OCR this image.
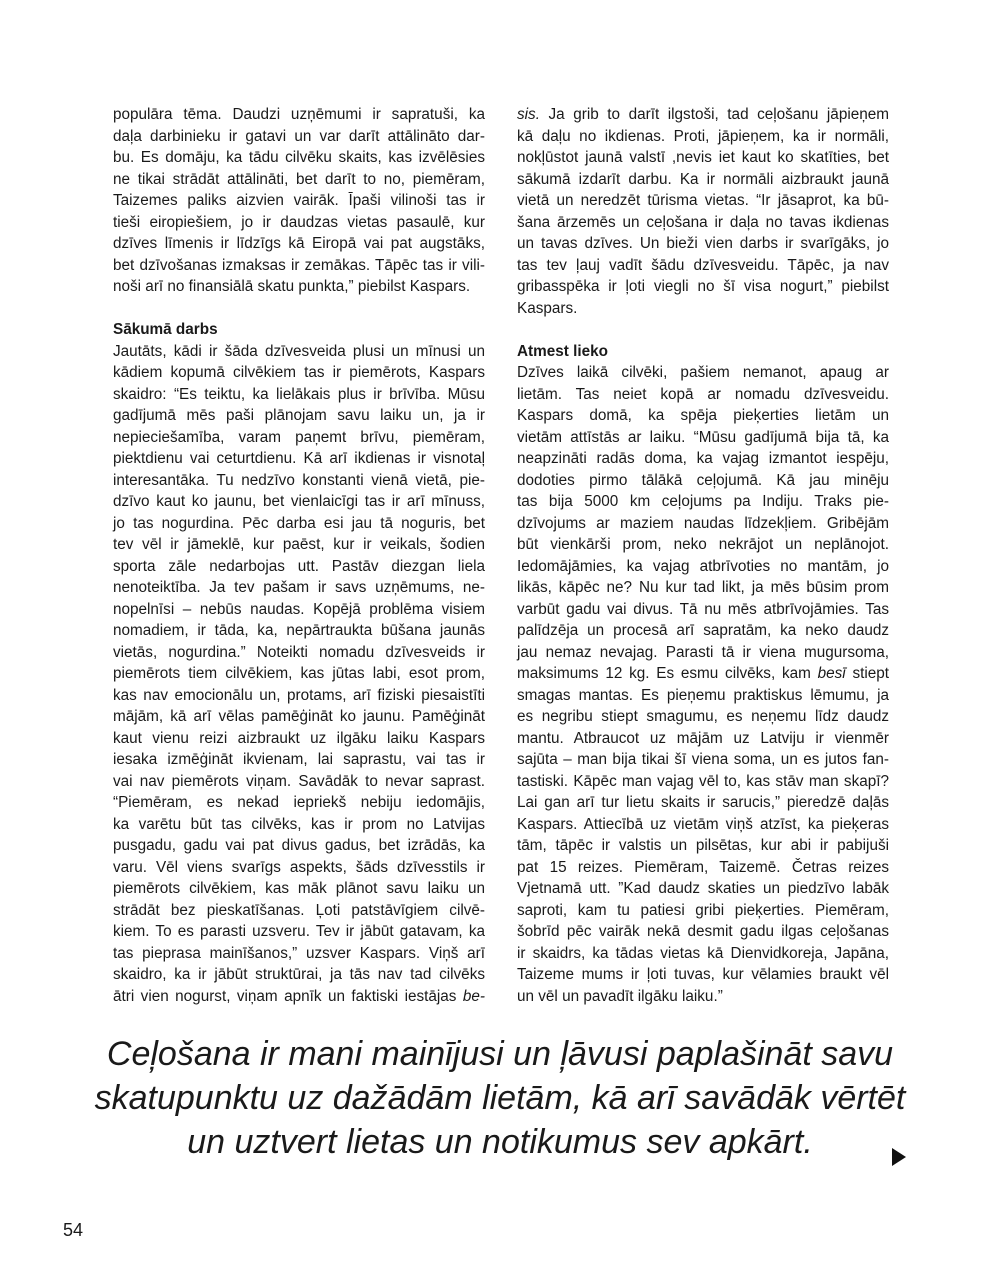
populāra tēma. Daudzi uzņēmumi ir sapratuši, ka
daļa darbinieku ir gatavi un var darīt attālināto dar-
bu. Es domāju, ka tādu cilvēku skaits, kas izvēlēsies
ne tikai strādāt attālināti, bet darīt to no, piemēram,
Taizemes paliks aizvien vairāk. Īpaši vilinoši tas ir
tieši eiropiešiem, jo ir daudzas vietas pasaulē, kur
dzīves līmenis ir līdzīgs kā Eiropā vai pat augstāks,
bet dzīvošanas izmaksas ir zemākas. Tāpēc tas ir vili-
noši arī no finansiālā skatu punkta,” piebilst Kaspars.
Sākumā darbs
Jautāts, kādi ir šāda dzīvesveida plusi un mīnusi un
kādiem kopumā cilvēkiem tas ir piemērots, Kaspars
skaidro: “Es teiktu, ka lielākais plus ir brīvība. Mūsu
gadījumā mēs paši plānojam savu laiku un, ja ir
nepieciešamība, varam paņemt brīvu, piemēram,
piektdienu vai ceturtdienu. Kā arī ikdienas ir visnotaļ
interesantāka. Tu nedzīvo konstanti vienā vietā, pie-
dzīvo kaut ko jaunu, bet vienlaicīgi tas ir arī mīnuss,
jo tas nogurdina. Pēc darba esi jau tā noguris, bet
tev vēl ir jāmeklē, kur paēst, kur ir veikals, šodien
sporta zāle nedarbojas utt. Pastāv diezgan liela
nenoteiktība. Ja tev pašam ir savs uzņēmums, ne-
nopelnīsi – nebūs naudas. Kopējā problēma visiem
nomadiem, ir tāda, ka, nepārtraukta būšana jaunās
vietās, nogurdina.” Noteikti nomadu dzīvesveids ir
piemērots tiem cilvēkiem, kas jūtas labi, esot prom,
kas nav emocionālu un, protams, arī fiziski piesaistīti
mājām, kā arī vēlas pamēģināt ko jaunu. Pamēģināt
kaut vienu reizi aizbraukt uz ilgāku laiku Kaspars
iesaka izmēģināt ikvienam, lai saprastu, vai tas ir
vai nav piemērots viņam. Savādāk to nevar saprast.
“Piemēram, es nekad iepriekš nebiju iedomājis,
ka varētu būt tas cilvēks, kas ir prom no Latvijas
pusgadu, gadu vai pat divus gadus, bet izrādās, ka
varu. Vēl viens svarīgs aspekts, šāds dzīvesstils ir
piemērots cilvēkiem, kas māk plānot savu laiku un
strādāt bez pieskatīšanas. Ļoti patstāvīgiem cilvē-
kiem. To es parasti uzsveru. Tev ir jābūt gatavam, ka
tas pieprasa mainīšanos,” uzsver Kaspars. Viņš arī
skaidro, ka ir jābūt struktūrai, ja tās nav tad cilvēks
ātri vien nogurst, viņam apnīk un faktiski iestājas be-
sis. Ja grib to darīt ilgstoši, tad ceļošanu jāpieņem
kā daļu no ikdienas. Proti, jāpieņem, ka ir normāli,
nokļūstot jaunā valstī ,nevis iet kaut ko skatīties, bet
sākumā izdarīt darbu. Ka ir normāli aizbraukt jaunā
vietā un neredzēt tūrisma vietas. “Ir jāsaprot, ka bū-
šana ārzemēs un ceļošana ir daļa no tavas ikdienas
un tavas dzīves. Un bieži vien darbs ir svarīgāks, jo
tas tev ļauj vadīt šādu dzīvesveidu. Tāpēc, ja nav
gribasspēka ir ļoti viegli no šī visa nogurt,” piebilst
Kaspars.
Atmest lieko
Dzīves laikā cilvēki, pašiem nemanot, apaug ar
lietām. Tas neiet kopā ar nomadu dzīvesveidu.
Kaspars domā, ka spēja pieķerties lietām un
vietām attīstās ar laiku. “Mūsu gadījumā bija tā, ka
neapzināti radās doma, ka vajag izmantot iespēju,
dodoties pirmo tālākā ceļojumā. Kā jau minēju
tas bija 5000 km ceļojums pa Indiju. Traks pie-
dzīvojums ar maziem naudas līdzekļiem. Gribējām
būt vienkārši prom, neko nekrājot un neplānojot.
Iedomājāmies, ka vajag atbrīvoties no mantām, jo
likās, kāpēc ne? Nu kur tad likt, ja mēs būsim prom
varbūt gadu vai divus. Tā nu mēs atbrīvojāmies. Tas
palīdzēja un procesā arī sapratām, ka neko daudz
jau nemaz nevajag. Parasti tā ir viena mugursoma,
maksimums 12 kg. Es esmu cilvēks, kam besī stiept
smagas mantas. Es pieņemu praktiskus lēmumu, ja
es negribu stiept smagumu, es neņemu līdz daudz
mantu. Atbraucot uz mājām uz Latviju ir vienmēr
sajūta – man bija tikai šī viena soma, un es jutos fan-
tastiski. Kāpēc man vajag vēl to, kas stāv man skapī?
Lai gan arī tur lietu skaits ir sarucis,” pieredzē daļās
Kaspars. Attiecībā uz vietām viņš atzīst, ka pieķeras
tām, tāpēc ir valstis un pilsētas, kur abi ir pabijuši
pat 15 reizes. Piemēram, Taizemē. Četras reizes
Vjetnamā utt. ”Kad daudz skaties un piedzīvo labāk
saproti, kam tu patiesi gribi pieķerties. Piemēram,
šobrīd pēc vairāk nekā desmit gadu ilgas ceļošanas
ir skaidrs, ka tādas vietas kā Dienvidkoreja, Japāna,
Taizeme mums ir ļoti tuvas, kur vēlamies braukt vēl
un vēl un pavadīt ilgāku laiku.”
Ceļošana ir mani mainījusi un ļāvusi paplašināt savu
skatupunktu uz dažādām lietām, kā arī savādāk vērtēt
un uztvert lietas un notikumus sev apkārt.
54
